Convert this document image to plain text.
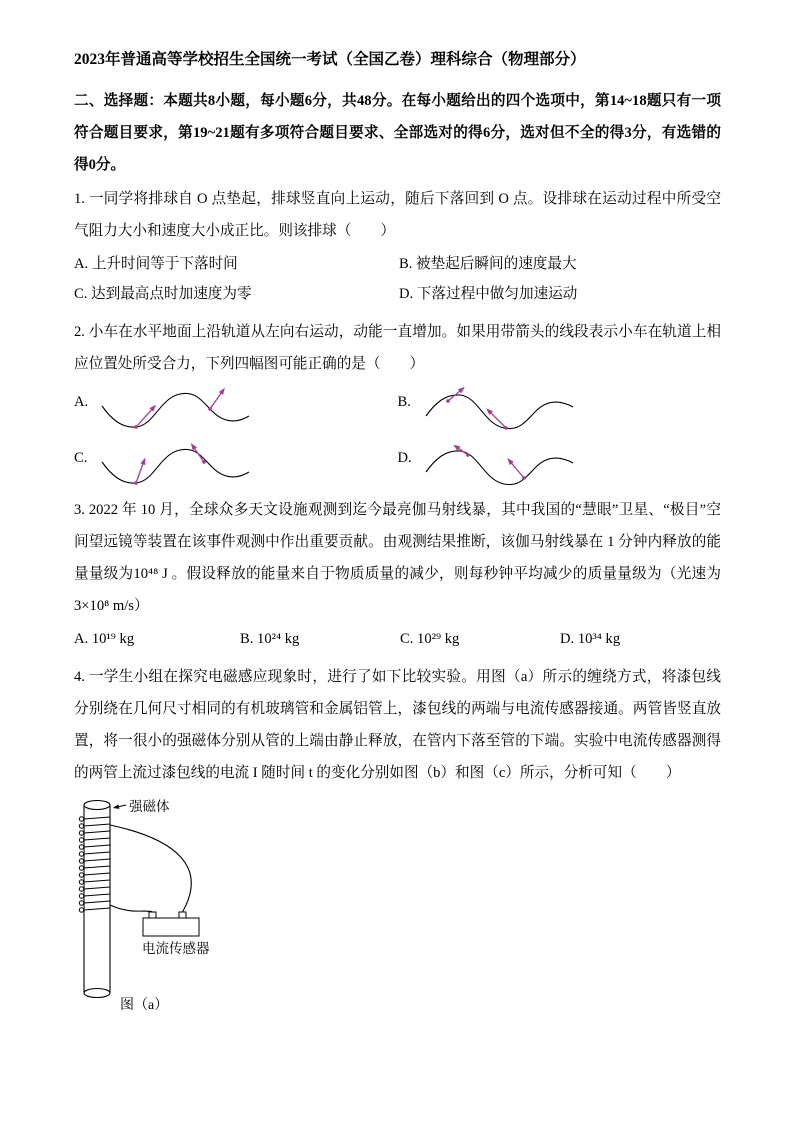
2023年普通高等学校招生全国统一考试（全国乙卷）理科综合（物理部分）

二、选择题：本题共8小题，每小题6分，共48分。在每小题给出的四个选项中，第14~18题只有一项符合题目要求，第19~21题有多项符合题目要求、全部选对的得6分，选对但不全的得3分，有选错的得0分。

1. 一同学将排球自 O 点垫起，排球竖直向上运动，随后下落回到 O 点。设排球在运动过程中所受空气阻力大小和速度大小成正比。则该排球（　　）

A. 上升时间等于下落时间	B. 被垫起后瞬间的速度最大
C. 达到最高点时加速度为零	D. 下落过程中做匀加速运动

2. 小车在水平地面上沿轨道从左向右运动，动能一直增加。如果用带箭头的线段表示小车在轨道上相应位置处所受合力，下列四幅图可能正确的是（　　）

A.	B.
C.	D.

3. 2022 年 10 月，全球众多天文设施观测到迄今最亮伽马射线暴，其中我国的“慧眼”卫星、“极目”空间望远镜等装置在该事件观测中作出重要贡献。由观测结果推断，该伽马射线暴在 1 分钟内释放的能量量级为10⁴⁸ J 。假设释放的能量来自于物质质量的减少，则每秒钟平均减少的质量量级为（光速为3×10⁸ m/s）

A. 10¹⁹ kg	B. 10²⁴ kg	C. 10²⁹ kg	D. 10³⁴ kg

4. 一学生小组在探究电磁感应现象时，进行了如下比较实验。用图（a）所示的缠绕方式，将漆包线分别绕在几何尺寸相同的有机玻璃管和金属铝管上，漆包线的两端与电流传感器接通。两管皆竖直放置，将一很小的强磁体分别从管的上端由静止释放，在管内下落至管的下端。实验中电流传感器测得的两管上流过漆包线的电流 I 随时间 t 的变化分别如图（b）和图（c）所示，分析可知（　　）

强磁体
电流传感器
图（a）
